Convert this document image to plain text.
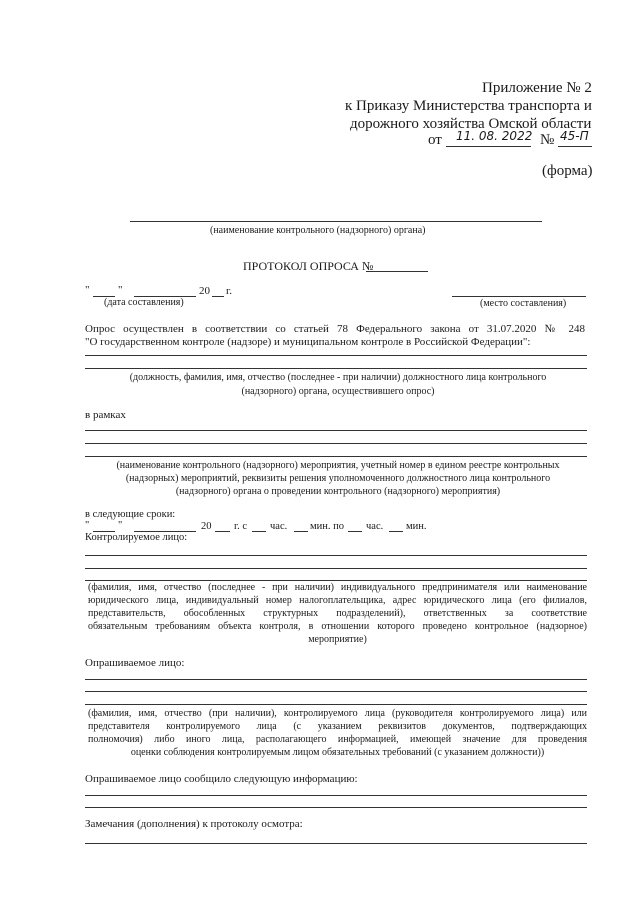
Приложение № 2
к Приказу Министерства транспорта и
дорожного хозяйства Омской области
от 11. 08. 2022 № 45-П
(форма)
(наименование контрольного (надзорного) органа)
ПРОТОКОЛ ОПРОСА №
"	"	20 г.
(дата составления)	(место составления)
Опрос осуществлен в соответствии со статьей 78 Федерального закона от 31.07.2020 № 248
"О государственном контроле (надзоре) и муниципальном контроле в Российской Федерации":
(должность, фамилия, имя, отчество (последнее - при наличии) должностного лица контрольного
(надзорного) органа, осуществившего опрос)
в рамках
(наименование контрольного (надзорного) мероприятия, учетный номер в едином реестре контрольных
(надзорных) мероприятий, реквизиты решения уполномоченного должностного лица контрольного
(надзорного) органа о проведении контрольного (надзорного) мероприятия)
в следующие сроки:
"	"	20 г. с час. мин. по час. мин.
Контролируемое лицо:
(фамилия, имя, отчество (последнее - при наличии) индивидуального предпринимателя или наименование
юридического лица, индивидуальный номер налогоплательщика, адрес юридического лица (его филиалов,
представительств, обособленных структурных подразделений), ответственных за соответствие
обязательным требованиям объекта контроля, в отношении которого проведено контрольное (надзорное)
мероприятие)
Опрашиваемое лицо:
(фамилия, имя, отчество (при наличии), контролируемого лица (руководителя контролируемого лица) или
представителя контролируемого лица (с указанием реквизитов документов, подтверждающих
полномочия) либо иного лица, располагающего информацией, имеющей значение для проведения
оценки соблюдения контролируемым лицом обязательных требований (с указанием должности))
Опрашиваемое лицо сообщило следующую информацию:
Замечания (дополнения) к протоколу осмотра:
